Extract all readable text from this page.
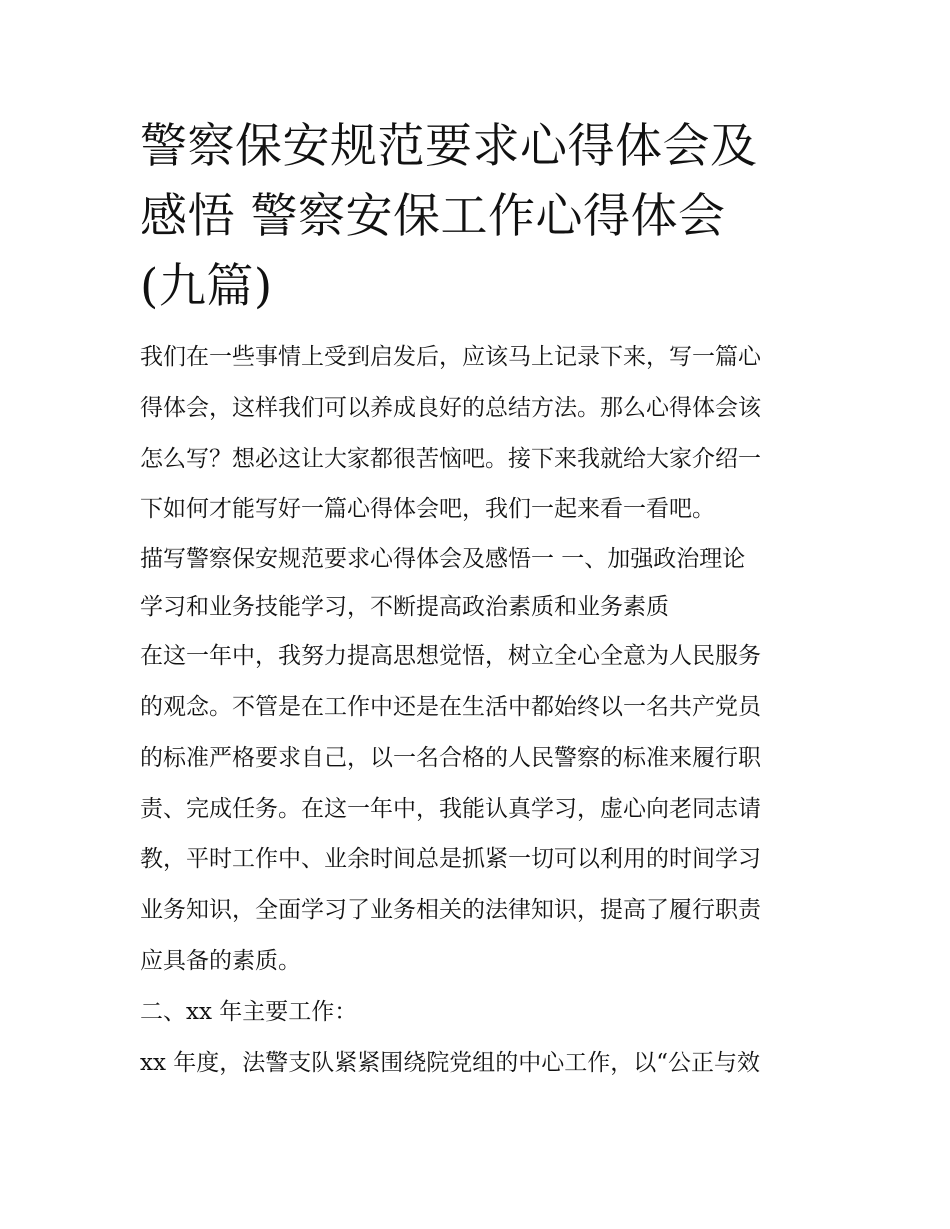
警察保安规范要求心得体会及
感悟 警察安保工作心得体会
(九篇)

我们在一些事情上受到启发后，应该马上记录下来，写一篇心
得体会，这样我们可以养成良好的总结方法。那么心得体会该
怎么写？想必这让大家都很苦恼吧。接下来我就给大家介绍一
下如何才能写好一篇心得体会吧，我们一起来看一看吧。

描写警察保安规范要求心得体会及感悟一 一、加强政治理论
学习和业务技能学习，不断提高政治素质和业务素质

在这一年中，我努力提高思想觉悟，树立全心全意为人民服务
的观念。不管是在工作中还是在生活中都始终以一名共产党员
的标准严格要求自己，以一名合格的人民警察的标准来履行职
责、完成任务。在这一年中，我能认真学习，虚心向老同志请
教，平时工作中、业余时间总是抓紧一切可以利用的时间学习
业务知识，全面学习了业务相关的法律知识，提高了履行职责
应具备的素质。

二、xx 年主要工作：

xx 年度，法警支队紧紧围绕院党组的中心工作，以“公正与效
